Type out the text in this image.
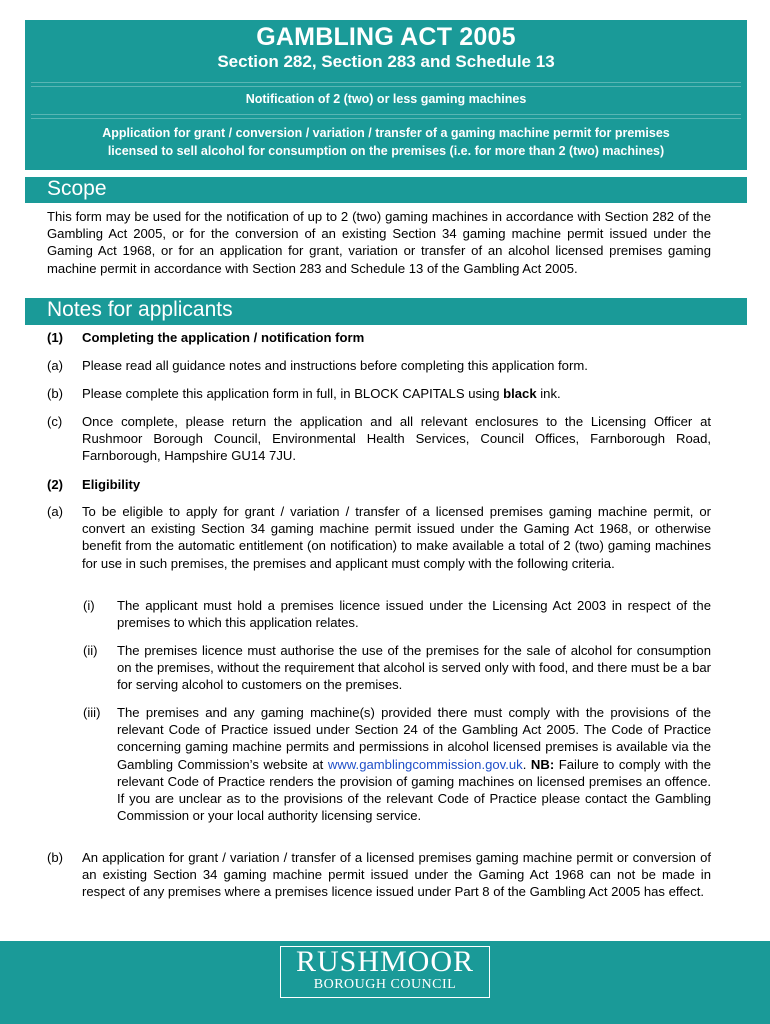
GAMBLING ACT 2005
Section 282, Section 283 and Schedule 13
Notification of 2 (two) or less gaming machines
Application for grant / conversion / variation / transfer of a gaming machine permit for premises
licensed to sell alcohol for consumption on the premises (i.e. for more than 2 (two) machines)
Scope
This form may be used for the notification of up to 2 (two) gaming machines in accordance with Section 282 of the Gambling Act 2005, or for the conversion of an existing Section 34 gaming machine permit issued under the Gaming Act 1968, or for an application for grant, variation or transfer of an alcohol licensed premises gaming machine permit in accordance with Section 283 and Schedule 13 of the Gambling Act 2005.
Notes for applicants
(1) Completing the application / notification form
(a) Please read all guidance notes and instructions before completing this application form.
(b) Please complete this application form in full, in BLOCK CAPITALS using black ink.
(c) Once complete, please return the application and all relevant enclosures to the Licensing Officer at Rushmoor Borough Council, Environmental Health Services, Council Offices, Farnborough Road, Farnborough, Hampshire GU14 7JU.
(2) Eligibility
(a) To be eligible to apply for grant / variation / transfer of a licensed premises gaming machine permit, or convert an existing Section 34 gaming machine permit issued under the Gaming Act 1968, or otherwise benefit from the automatic entitlement (on notification) to make available a total of 2 (two) gaming machines for use in such premises, the premises and applicant must comply with the following criteria.
(i) The applicant must hold a premises licence issued under the Licensing Act 2003 in respect of the premises to which this application relates.
(ii) The premises licence must authorise the use of the premises for the sale of alcohol for consumption on the premises, without the requirement that alcohol is served only with food, and there must be a bar for serving alcohol to customers on the premises.
(iii) The premises and any gaming machine(s) provided there must comply with the provisions of the relevant Code of Practice issued under Section 24 of the Gambling Act 2005. The Code of Practice concerning gaming machine permits and permissions in alcohol licensed premises is available via the Gambling Commission’s website at www.gamblingcommission.gov.uk. NB: Failure to comply with the relevant Code of Practice renders the provision of gaming machines on licensed premises an offence. If you are unclear as to the provisions of the relevant Code of Practice please contact the Gambling Commission or your local authority licensing service.
(b) An application for grant / variation / transfer of a licensed premises gaming machine permit or conversion of an existing Section 34 gaming machine permit issued under the Gaming Act 1968 can not be made in respect of any premises where a premises licence issued under Part 8 of the Gambling Act 2005 has effect.
RUSHMOOR
BOROUGH COUNCIL
